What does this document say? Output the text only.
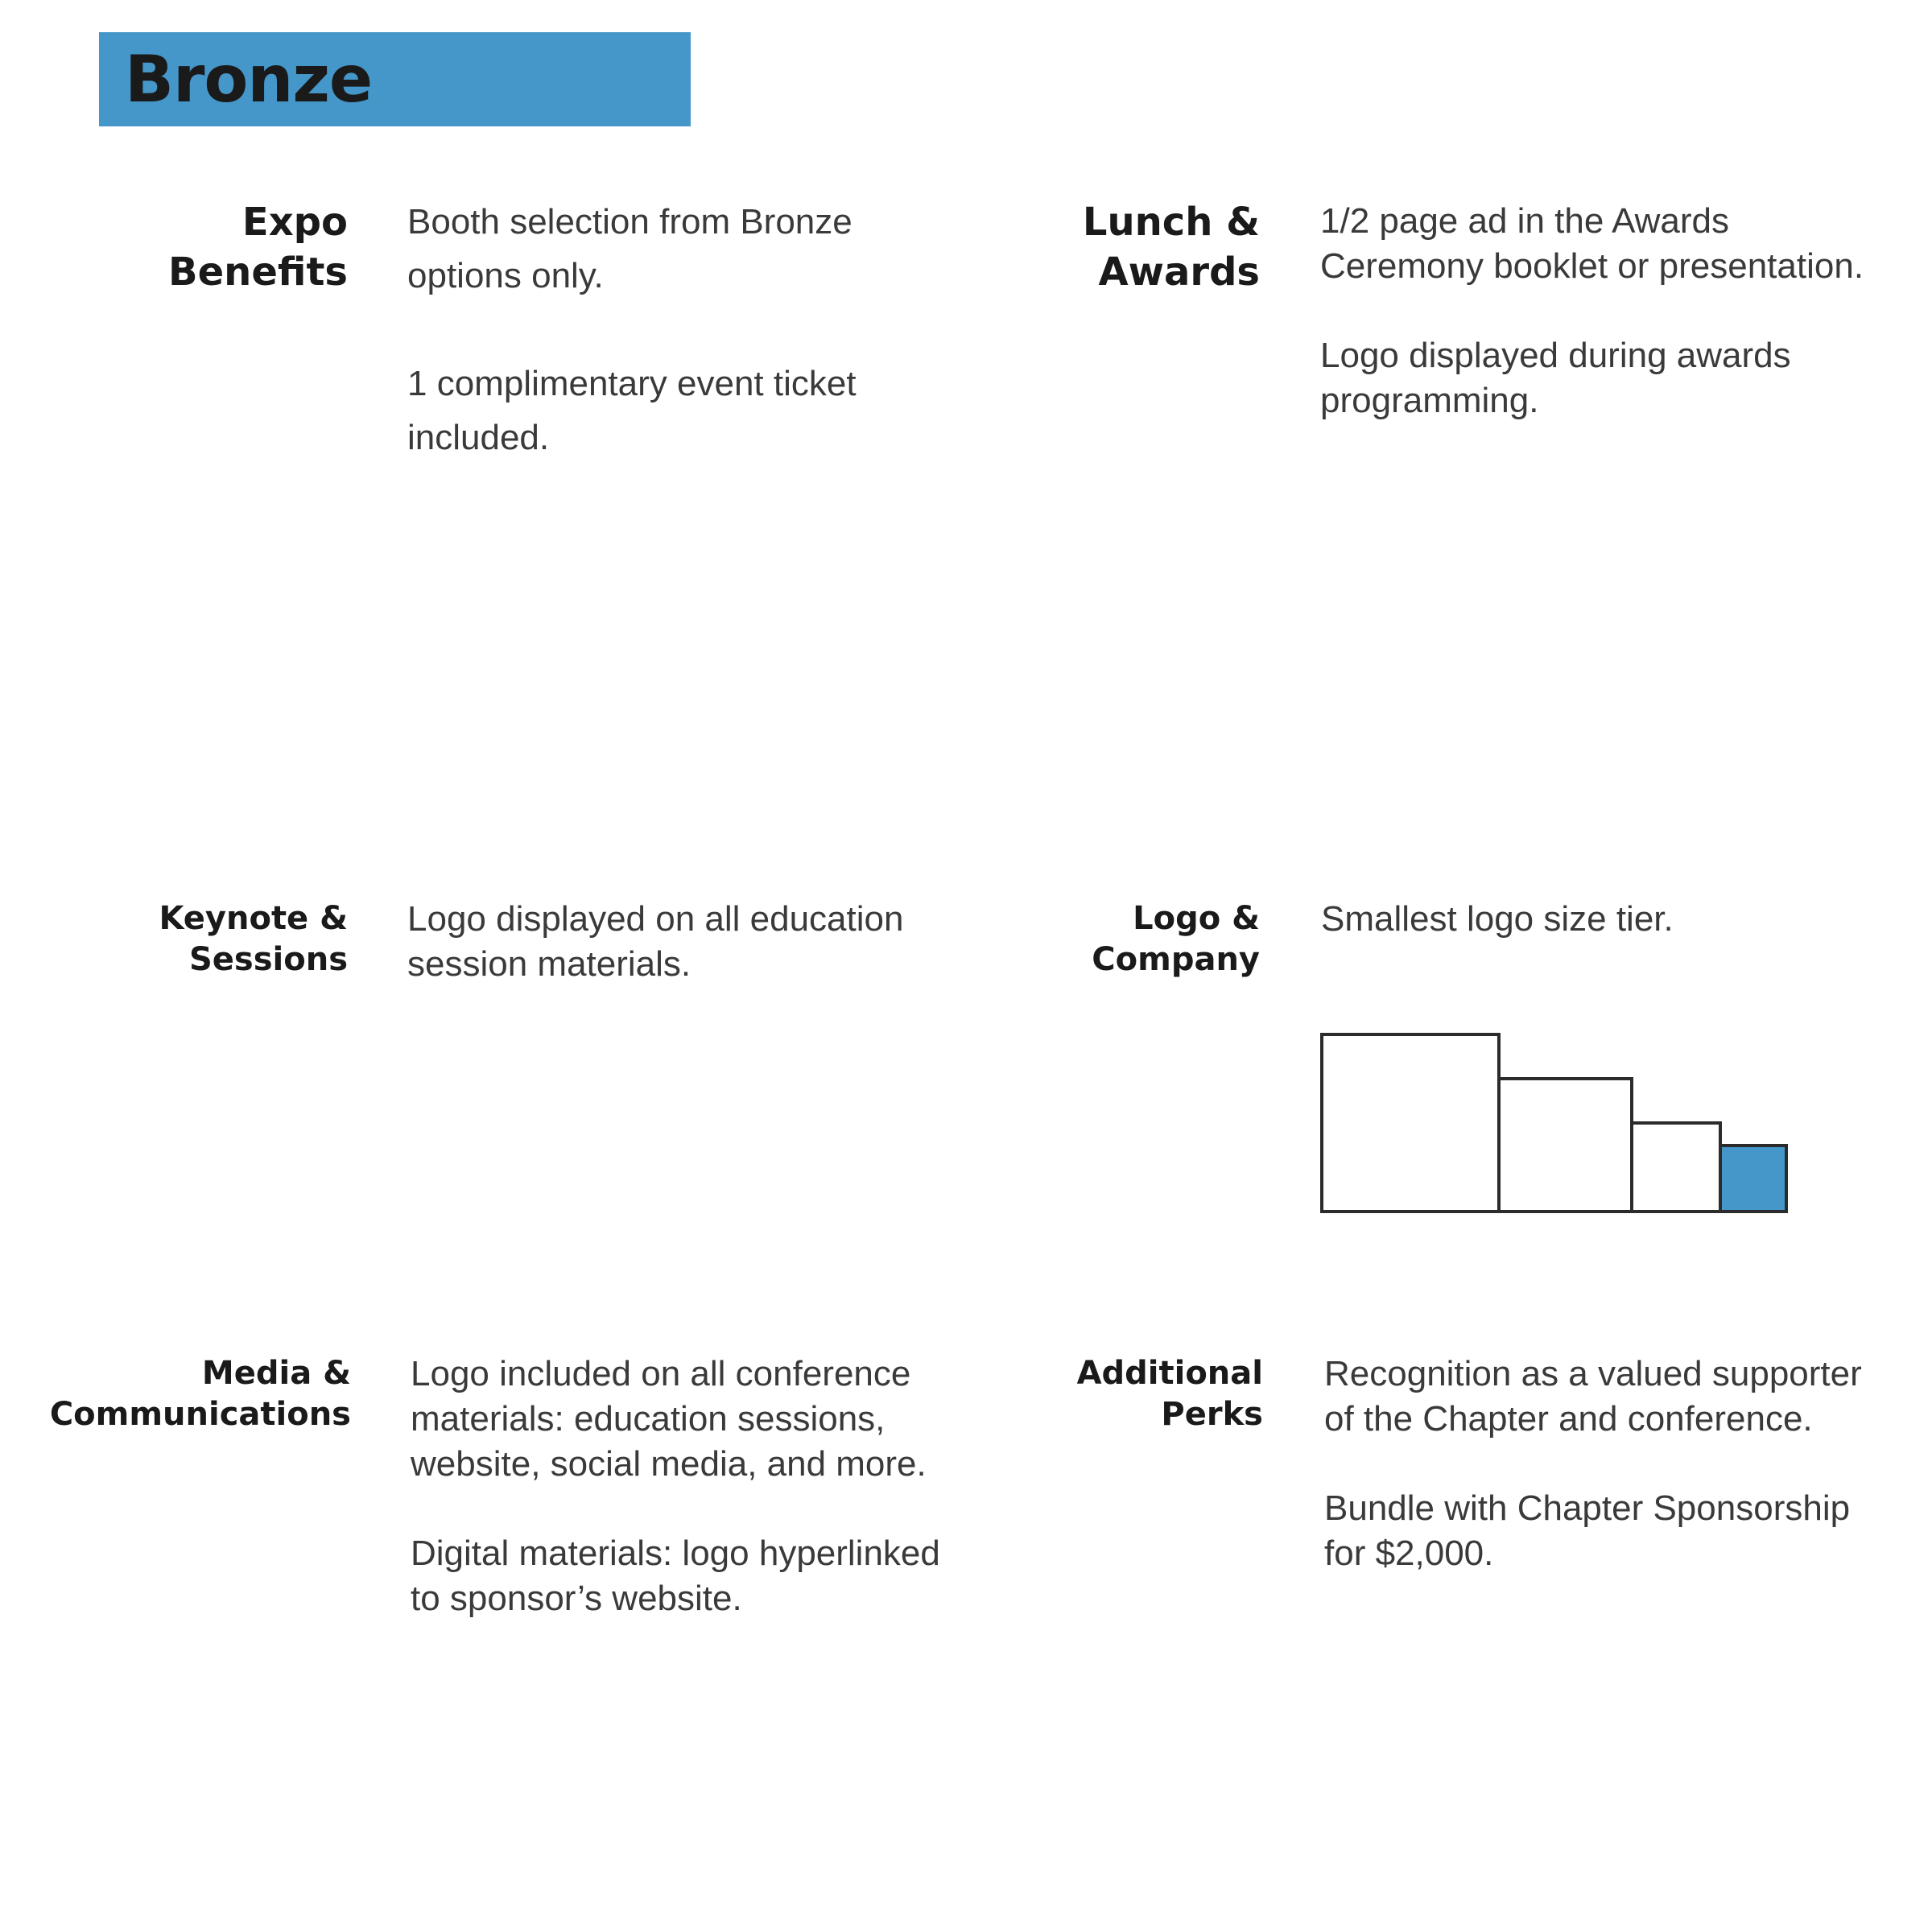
Bronze
Expo
Benefits

Booth selection from Bronze
options only.

1 complimentary event ticket
included.

Lunch &
Awards

1/2 page ad in the Awards
Ceremony booklet or presentation.

Logo displayed during awards
programming.

Keynote &
Sessions

Logo displayed on all education
session materials.

Logo &
Company

Smallest logo size tier.

Media &
Communications

Logo included on all conference
materials: education sessions,
website, social media, and more.

Digital materials: logo hyperlinked
to sponsor’s website.

Additional
Perks

Recognition as a valued supporter
of the Chapter and conference.

Bundle with Chapter Sponsorship
for $2,000.
